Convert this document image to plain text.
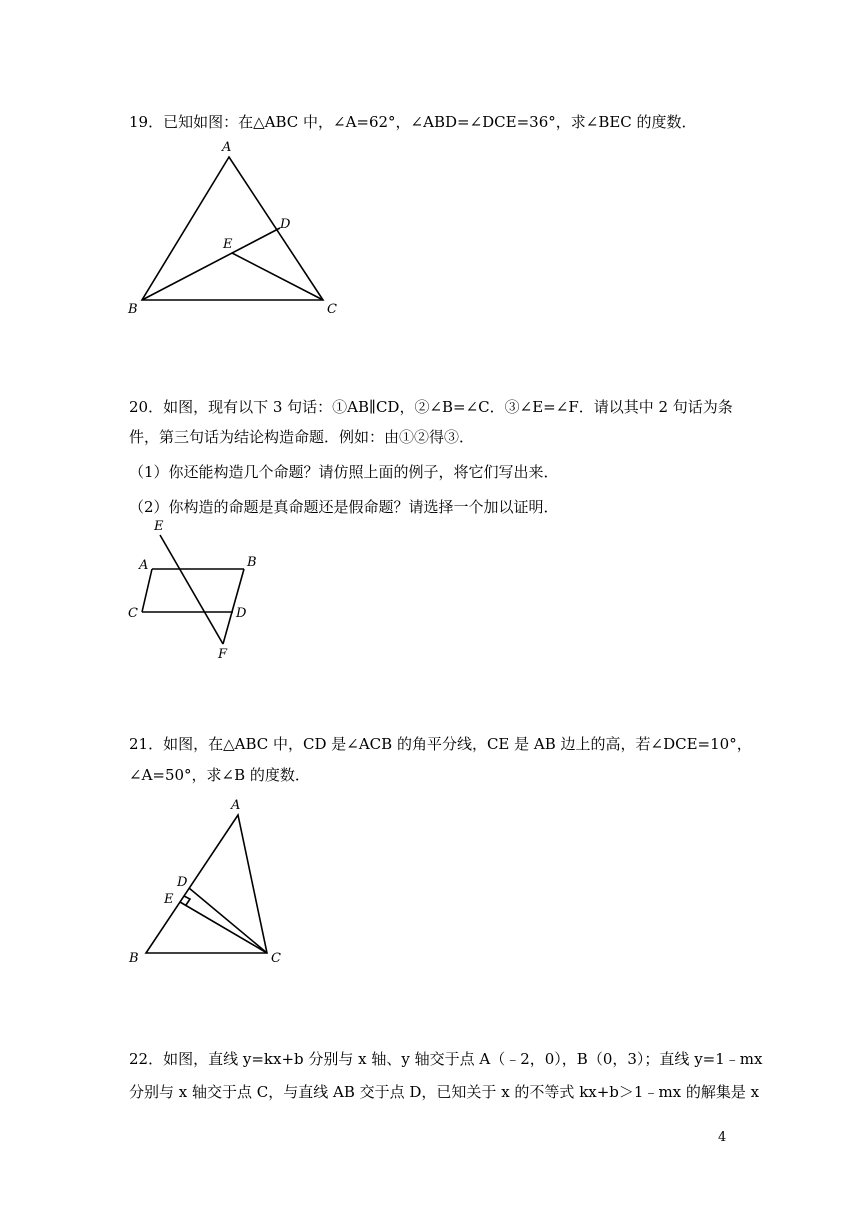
19．已知如图：在△ABC 中，∠A=62°，∠ABD=∠DCE=36°，求∠BEC 的度数．
A
B	C
D
E
20．如图，现有以下 3 句话：①AB∥CD，②∠B=∠C．③∠E=∠F．请以其中 2 句话为条
件，第三句话为结论构造命题．例如：由①②得③．
（1）你还能构造几个命题？请仿照上面的例子，将它们写出来．
（2）你构造的命题是真命题还是假命题？请选择一个加以证明．
E
A	B
C	D
F
21．如图，在△ABC 中，CD 是∠ACB 的角平分线，CE 是 AB 边上的高，若∠DCE=10°，
∠A=50°，求∠B 的度数．
A
D
E
B	C
22．如图，直线 y=kx+b 分别与 x 轴、y 轴交于点 A（﹣2，0），B（0，3）；直线 y=1﹣mx
分别与 x 轴交于点 C，与直线 AB 交于点 D，已知关于 x 的不等式 kx+b＞1﹣mx 的解集是 x
4
